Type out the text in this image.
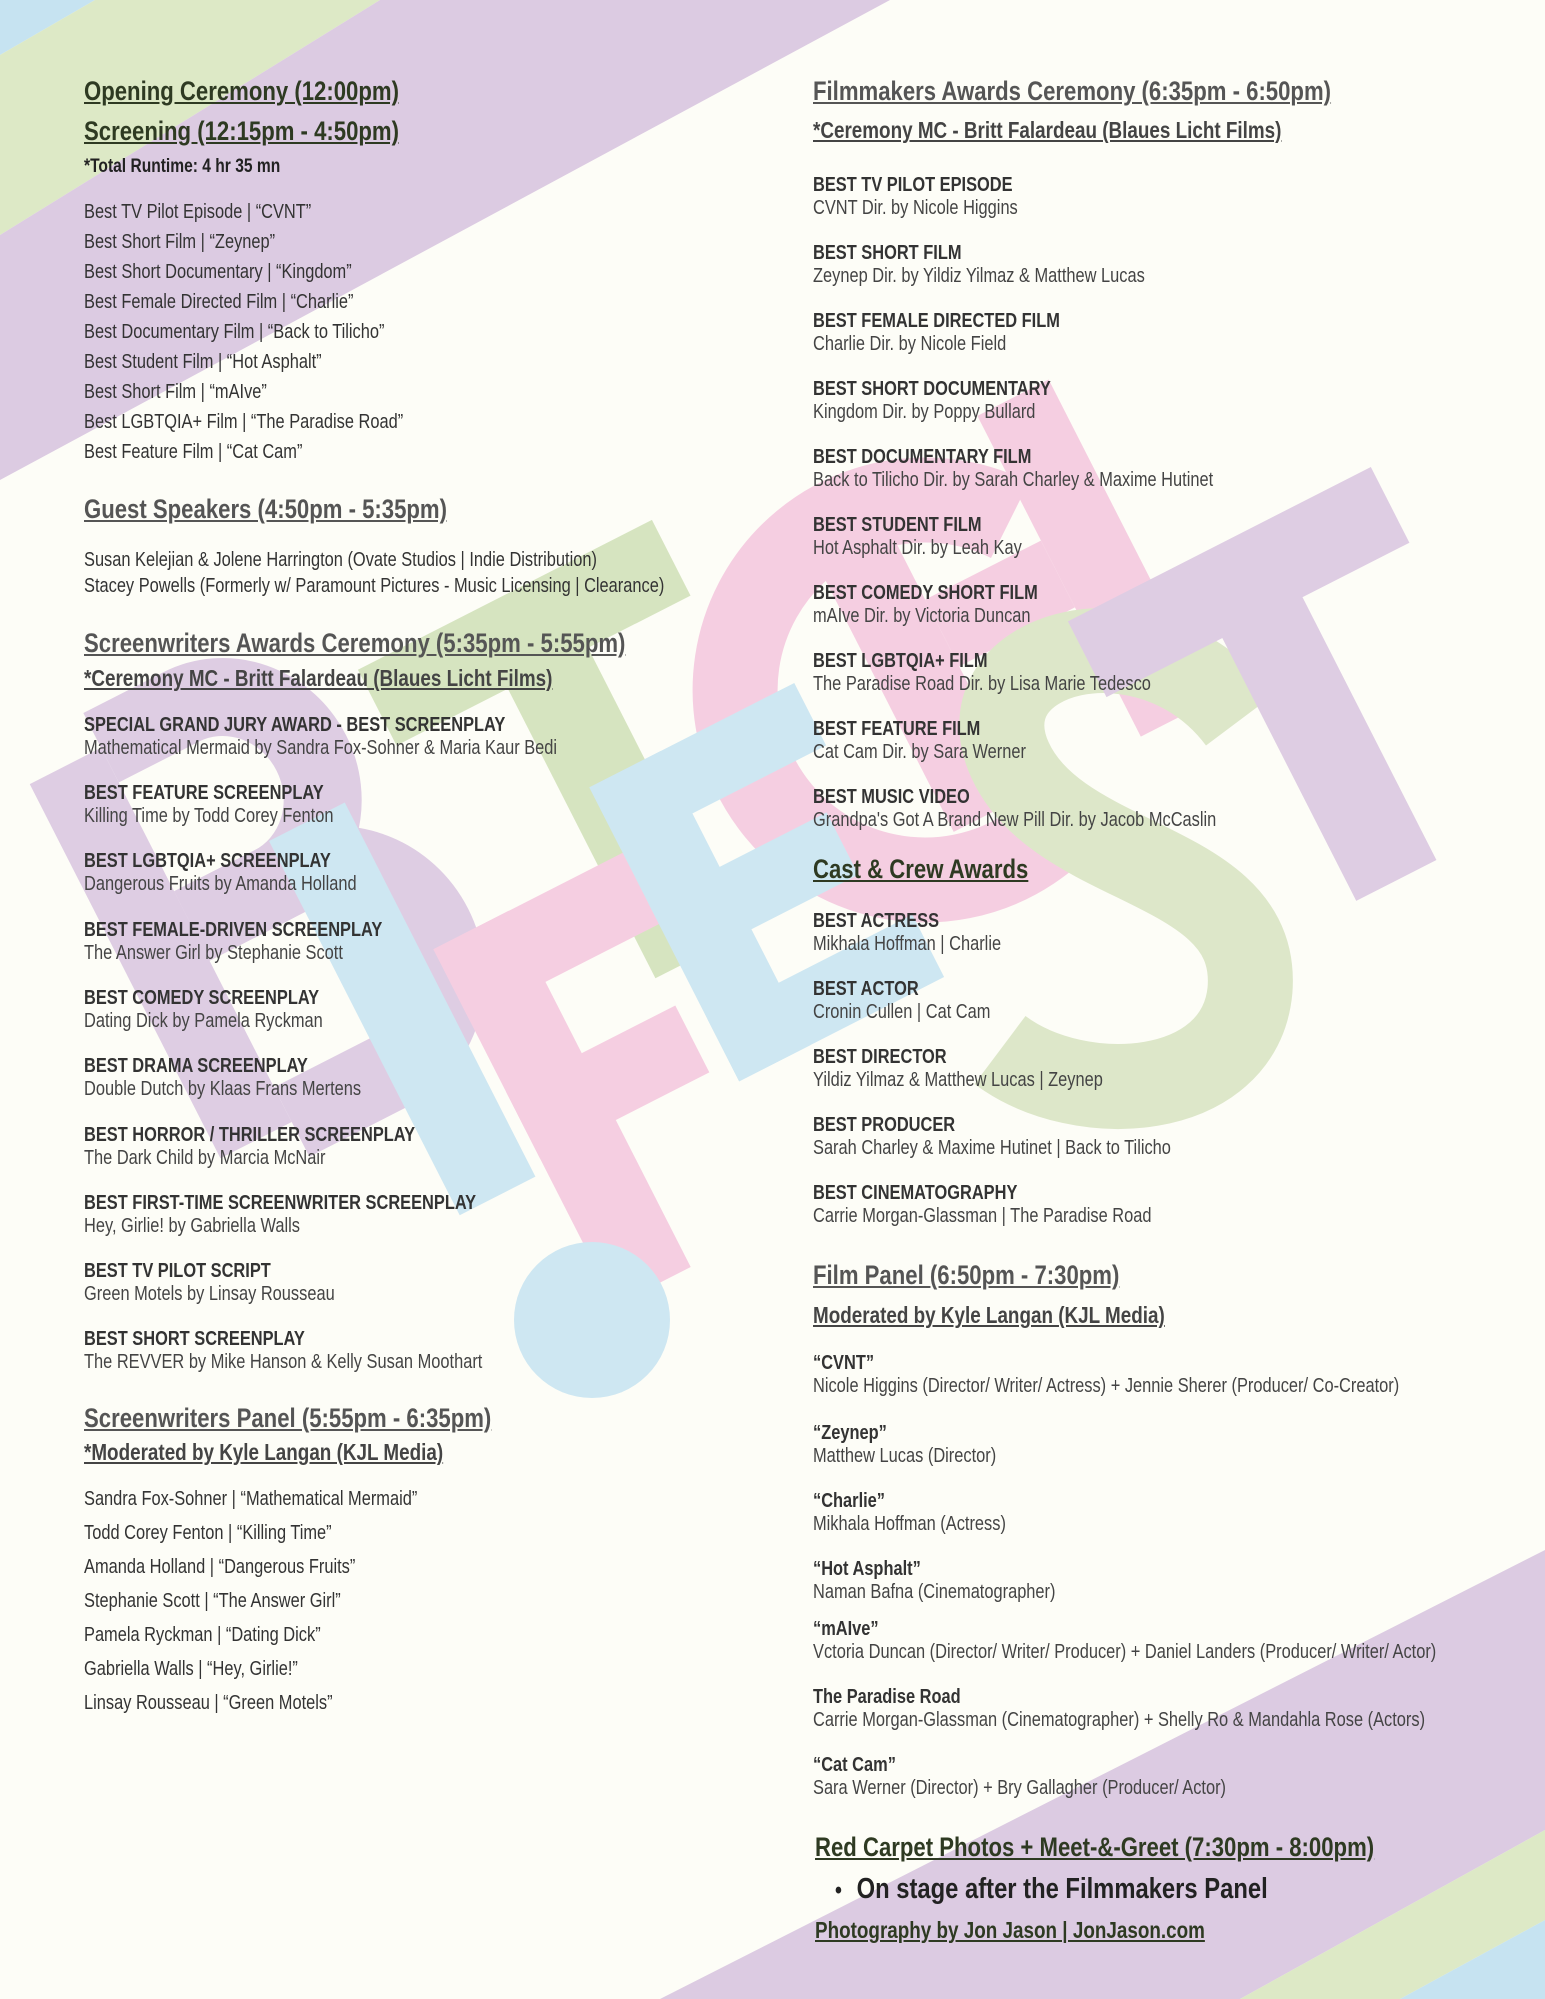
Opening Ceremony (12:00pm)
Screening (12:15pm - 4:50pm)
*Total Runtime: 4 hr 35 mn
Best TV Pilot Episode | “CVNT”
Best Short Film | “Zeynep”
Best Short Documentary | “Kingdom”
Best Female Directed Film | “Charlie”
Best Documentary Film | “Back to Tilicho”
Best Student Film | “Hot Asphalt”
Best Short Film | “mAIve”
Best LGBTQIA+ Film | “The Paradise Road”
Best Feature Film | “Cat Cam”
Guest Speakers (4:50pm - 5:35pm)
Susan Kelejian & Jolene Harrington (Ovate Studios | Indie Distribution)
Stacey Powells (Formerly w/ Paramount Pictures - Music Licensing | Clearance)
Screenwriters Awards Ceremony (5:35pm - 5:55pm)
*Ceremony MC - Britt Falardeau (Blaues Licht Films)
SPECIAL GRAND JURY AWARD - BEST SCREENPLAY
Mathematical Mermaid by Sandra Fox-Sohner & Maria Kaur Bedi
BEST FEATURE SCREENPLAY
Killing Time by Todd Corey Fenton
BEST LGBTQIA+ SCREENPLAY
Dangerous Fruits by Amanda Holland
BEST FEMALE-DRIVEN SCREENPLAY
The Answer Girl by Stephanie Scott
BEST COMEDY SCREENPLAY
Dating Dick by Pamela Ryckman
BEST DRAMA SCREENPLAY
Double Dutch by Klaas Frans Mertens
BEST HORROR / THRILLER SCREENPLAY
The Dark Child by Marcia McNair
BEST FIRST-TIME SCREENWRITER SCREENPLAY
Hey, Girlie! by Gabriella Walls
BEST TV PILOT SCRIPT
Green Motels by Linsay Rousseau
BEST SHORT SCREENPLAY
The REVVER by Mike Hanson & Kelly Susan Moothart
Screenwriters Panel (5:55pm - 6:35pm)
*Moderated by Kyle Langan (KJL Media)
Sandra Fox-Sohner | “Mathematical Mermaid”
Todd Corey Fenton | “Killing Time”
Amanda Holland | “Dangerous Fruits”
Stephanie Scott | “The Answer Girl”
Pamela Ryckman | “Dating Dick”
Gabriella Walls | “Hey, Girlie!”
Linsay Rousseau | “Green Motels”
Filmmakers Awards Ceremony (6:35pm - 6:50pm)
*Ceremony MC - Britt Falardeau (Blaues Licht Films)
BEST TV PILOT EPISODE
CVNT Dir. by Nicole Higgins
BEST SHORT FILM
Zeynep Dir. by Yildiz Yilmaz & Matthew Lucas
BEST FEMALE DIRECTED FILM
Charlie Dir. by Nicole Field
BEST SHORT DOCUMENTARY
Kingdom Dir. by Poppy Bullard
BEST DOCUMENTARY FILM
Back to Tilicho Dir. by Sarah Charley & Maxime Hutinet
BEST STUDENT FILM
Hot Asphalt Dir. by Leah Kay
BEST COMEDY SHORT FILM
mAIve Dir. by Victoria Duncan
BEST LGBTQIA+ FILM
The Paradise Road Dir. by Lisa Marie Tedesco
BEST FEATURE FILM
Cat Cam Dir. by Sara Werner
BEST MUSIC VIDEO
Grandpa's Got A Brand New Pill Dir. by Jacob McCaslin
Cast & Crew Awards
BEST ACTRESS
Mikhala Hoffman | Charlie
BEST ACTOR
Cronin Cullen | Cat Cam
BEST DIRECTOR
Yildiz Yilmaz & Matthew Lucas | Zeynep
BEST PRODUCER
Sarah Charley & Maxime Hutinet | Back to Tilicho
BEST CINEMATOGRAPHY
Carrie Morgan-Glassman | The Paradise Road
Film Panel (6:50pm - 7:30pm)
Moderated by Kyle Langan (KJL Media)
“CVNT”
Nicole Higgins (Director/ Writer/ Actress) + Jennie Sherer (Producer/ Co-Creator)
“Zeynep”
Matthew Lucas (Director)
“Charlie”
Mikhala Hoffman (Actress)
“Hot Asphalt”
Naman Bafna (Cinematographer)
“mAIve”
Vctoria Duncan (Director/ Writer/ Producer) + Daniel Landers (Producer/ Writer/ Actor)
The Paradise Road
Carrie Morgan-Glassman (Cinematographer) + Shelly Ro & Mandahla Rose (Actors)
“Cat Cam”
Sara Werner (Director) + Bry Gallagher (Producer/ Actor)
Red Carpet Photos + Meet-&-Greet (7:30pm - 8:00pm)
• On stage after the Filmmakers Panel
Photography by Jon Jason | JonJason.com
